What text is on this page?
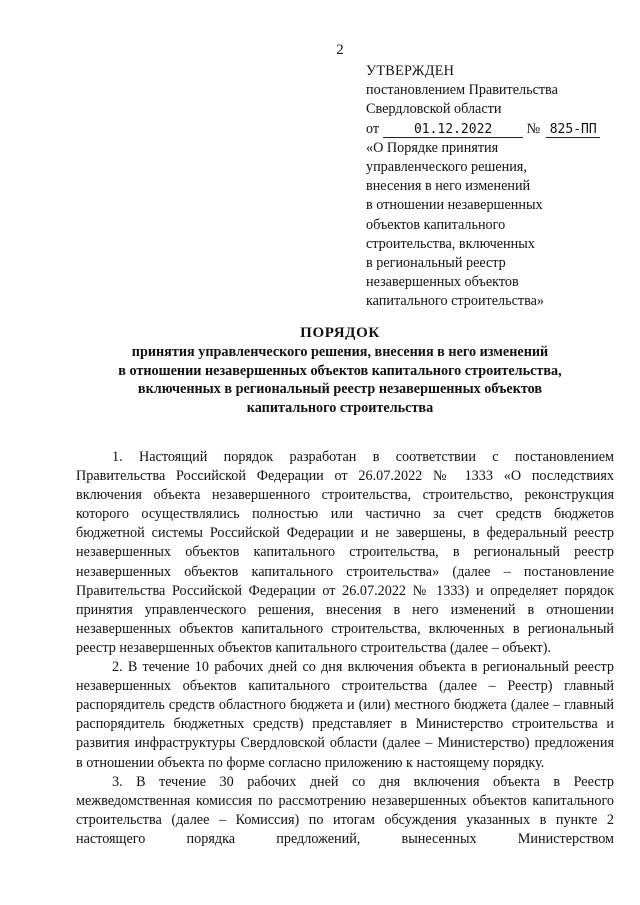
2
УТВЕРЖДЕН
постановлением Правительства
Свердловской области
от	01.12.2022 № 825-ПП
«О Порядке принятия
управленческого решения,
внесения в него изменений
в отношении незавершенных
объектов капитального
строительства, включенных
в региональный реестр
незавершенных объектов
капитального строительства»
ПОРЯДОК
принятия управленческого решения, внесения в него изменений
в отношении незавершенных объектов капитального строительства,
включенных в региональный реестр незавершенных объектов
капитального строительства

1. Настоящий порядок разработан в соответствии с постановлением Правительства Российской Федерации от 26.07.2022 № 1333 «О последствиях включения объекта незавершенного строительства, строительство, реконструкция которого осуществлялись полностью или частично за счет средств бюджетов бюджетной системы Российской Федерации и не завершены, в федеральный реестр незавершенных объектов капитального строительства, в региональный реестр незавершенных объектов капитального строительства» (далее – постановление Правительства Российской Федерации от 26.07.2022 № 1333) и определяет порядок принятия управленческого решения, внесения в него изменений в отношении незавершенных объектов капитального строительства, включенных в региональный реестр незавершенных объектов капитального строительства (далее – объект).

2. В течение 10 рабочих дней со дня включения объекта в региональный реестр незавершенных объектов капитального строительства (далее – Реестр) главный распорядитель средств областного бюджета и (или) местного бюджета (далее – главный распорядитель бюджетных средств) представляет в Министерство строительства и развития инфраструктуры Свердловской области (далее – Министерство) предложения в отношении объекта по форме согласно приложению к настоящему порядку.

3. В течение 30 рабочих дней со дня включения объекта в Реестр межведомственная комиссия по рассмотрению незавершенных объектов капитального строительства (далее – Комиссия) по итогам обсуждения указанных в пункте 2 настоящего порядка предложений, вынесенных Министерством
